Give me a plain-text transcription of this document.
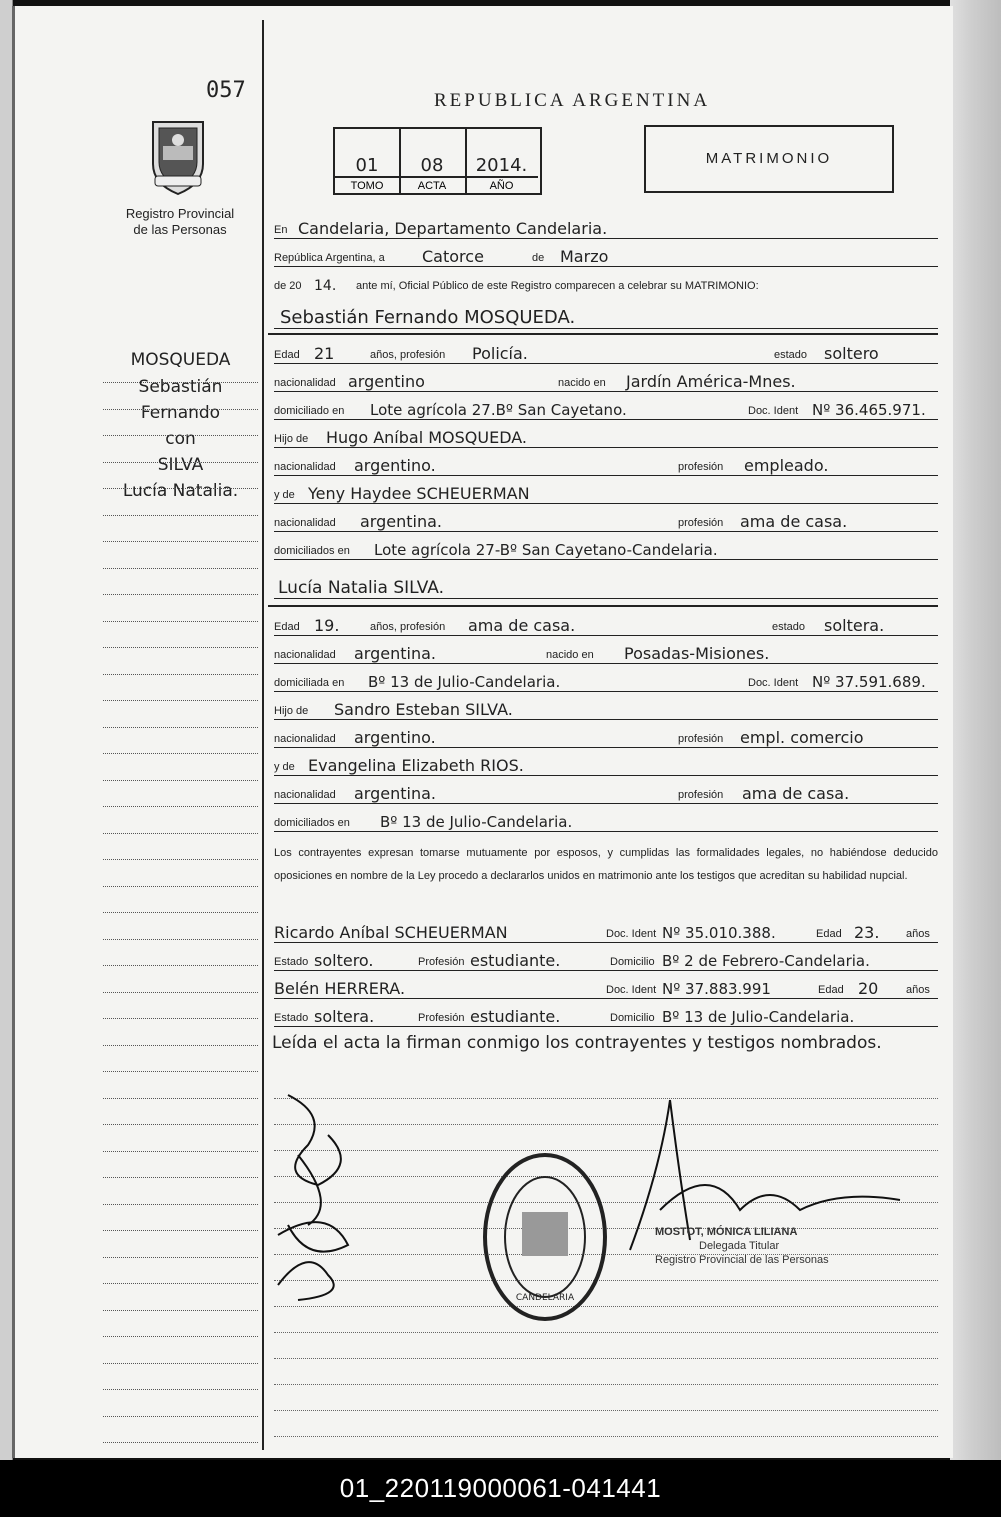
057
Registro Provincial
de las Personas
REPUBLICA ARGENTINA
01
TOMO
08
ACTA
2014.
AÑO
MATRIMONIO
MOSQUEDA
Sebastián
Fernando
con
SILVA
Lucía Natalia.
En Candelaria, Departamento Candelaria.
República Argentina, a Catorce	de Marzo
de 20 14. ante mí, Oficial Público de este Registro comparecen a celebrar su MATRIMONIO:
Sebastián Fernando MOSQUEDA.
Edad 21	años, profesión Policía.	estado soltero
nacionalidad argentino	nacido en Jardín América-Mnes.
domiciliado en Lote agrícola 27.Bº San Cayetano.	Doc. Ident Nº 36.465.971.
Hijo de Hugo Aníbal MOSQUEDA.
nacionalidad argentino.	profesión empleado.
y de Yeny Haydee SCHEUERMAN
nacionalidad argentina.	profesión ama de casa.
domiciliados en Lote agrícola 27-Bº San Cayetano-Candelaria.
Lucía Natalia SILVA.
Edad 19.	años, profesión ama de casa.	estado soltera.
nacionalidad argentina.	nacido en Posadas-Misiones.
domiciliada en Bº 13 de Julio-Candelaria.	Doc. Ident Nº 37.591.689.
Hijo de Sandro Esteban SILVA.
nacionalidad argentino.	profesión empl. comercio
y de Evangelina Elizabeth RIOS.
nacionalidad argentina.	profesión ama de casa.
domiciliados en Bº 13 de Julio-Candelaria.
Los contrayentes expresan tomarse mutuamente por esposos, y cumplidas las formalidades legales, no habiéndose deducido oposiciones en nombre de la Ley procedo a declararlos unidos en matrimonio ante los testigos que acreditan su habilidad nupcial.
Ricardo Aníbal SCHEUERMAN	Doc. Ident Nº 35.010.388.	Edad 23. años
Estado soltero.	Profesión estudiante.	Domicilio Bº 2 de Febrero-Candelaria.
Belén HERRERA.	Doc. Ident Nº 37.883.991	Edad 20	años
Estado soltera.	Profesión estudiante.	Domicilio Bº 13 de Julio-Candelaria.
Leída el acta la firman conmigo los contrayentes y testigos nombrados.
CANDELARIA
MOSTOT, MÓNICA LILIANA
Delegada Titular
Registro Provincial de las Personas
01_220119000061-041441
